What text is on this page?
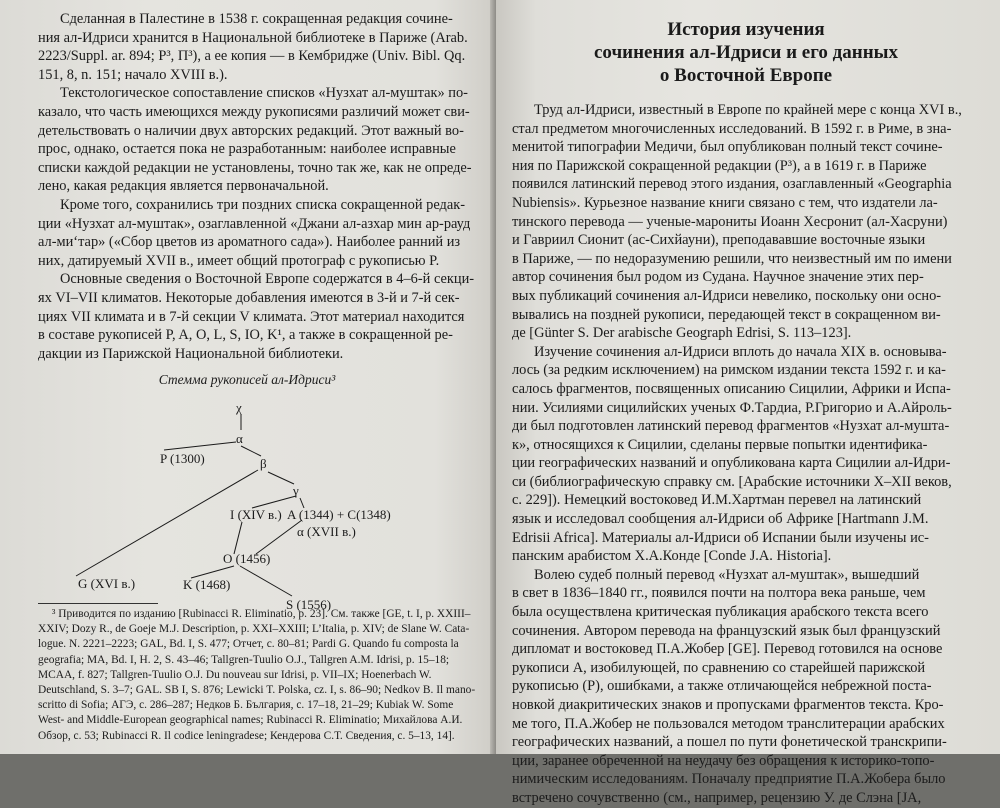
Сделанная в Палестине в 1538 г. сокращенная редакция сочине-
ния ал-Идриси хранится в Национальной библиотеке в Париже (Arab.
2223/Suppl. ar. 894; P³, П³), а ее копия — в Кембридже (Univ. Bibl. Qq.
151, 8, n. 151; начало XVIII в.).

Текстологическое сопоставление списков «Нузхат ал-муштак» по-
казало, что часть имеющихся между рукописями различий может сви-
детельствовать о наличии двух авторских редакций. Этот важный во-
прос, однако, остается пока не разработанным: наиболее исправные
списки каждой редакции не установлены, точно так же, как не опреде-
лено, какая редакция является первоначальной.

Кроме того, сохранились три поздних списка сокращенной редак-
ции «Нузхат ал-муштак», озаглавленной «Джани ал-азхар мин ар-рауд
ал-ми‘тар» («Сбор цветов из ароматного сада»). Наиболее ранний из
них, датируемый XVII в., имеет общий протограф с рукописью P.

Основные сведения о Восточной Европе содержатся в 4–6-й секци-
ях VI–VII климатов. Некоторые добавления имеются в 3-й и 7-й сек-
циях VII климата и в 7-й секции V климата. Этот материал находится
в составе рукописей P, A, O, L, S, IO, K¹, а также в сокращенной ре-
дакции из Парижской Национальной библиотеки.

Стемма рукописей ал-Идриси³
χ
α
P (1300)	β
γ
I (XIV в.) A (1344) + C(1348)
α (XVII в.)
O (1456)
G (XVI в.)	K (1468)
S (1556)
³ Приводится по изданию [Rubinacci R. Eliminatio, p. 23]. См. также [GE, t. I, p. XXIII–
XXIV; Dozy R., de Goeje M.J. Description, p. XXI–XXIII; L’Italia, p. XIV; de Slane W. Cata-
logue. N. 2221–2223; GAL, Bd. I, S. 477; Отчет, с. 80–81; Pardi G. Quando fu composta la
geografia; MA, Bd. I, H. 2, S. 43–46; Tallgren-Tuulio O.J., Tallgren A.M. Idrisi, p. 15–18;
MCAA, f. 827; Tallgren-Tuulio O.J. Du nouveau sur Idrisi, p. VII–IX; Hoenerbach W.
Deutschland, S. 3–7; GAL. SB I, S. 876; Lewicki T. Polska, cz. I, s. 86–90; Nedkov B. Il mano-
scritto di Sofia; АГЭ, с. 286–287; Недков Б. България, с. 17–18, 21–29; Kubiak W. Some
West- and Middle-European geographical names; Rubinacci R. Eliminatio; Михайлова А.И.
Обзор, с. 53; Rubinacci R. Il codice leningradese; Кендерова С.Т. Сведения, с. 5–13, 14].
История изучения
сочинения ал-Идриси и его данных
о Восточной Европе

Труд ал-Идриси, известный в Европе по крайней мере с конца XVI в.,
стал предметом многочисленных исследований. В 1592 г. в Риме, в зна-
менитой типографии Медичи, был опубликован полный текст сочине-
ния по Парижской сокращенной редакции (P³), а в 1619 г. в Париже
появился латинский перевод этого издания, озаглавленный «Geographia
Nubiensis». Курьезное название книги связано с тем, что издатели ла-
тинского перевода — ученые-марониты Иоанн Хесронит (ал-Хасруни)
и Гавриил Сионит (ас-Сихйауни), преподававшие восточные языки
в Париже, — по недоразумению решили, что неизвестный им по имени
автор сочинения был родом из Судана. Научное значение этих пер-
вых публикаций сочинения ал-Идриси невелико, поскольку они осно-
вывались на поздней рукописи, передающей текст в сокращенном ви-
де [Günter S. Der arabische Geograph Edrisi, S. 113–123].

Изучение сочинения ал-Идриси вплоть до начала XIX в. основыва-
лось (за редким исключением) на римском издании текста 1592 г. и ка-
салось фрагментов, посвященных описанию Сицилии, Африки и Испа-
нии. Усилиями сицилийских ученых Ф.Тардиа, Р.Григорио и А.Айроль-
ди был подготовлен латинский перевод фрагментов «Нузхат ал-мушта-
к», относящихся к Сицилии, сделаны первые попытки идентифика-
ции географических названий и опубликована карта Сицилии ал-Идри-
си (библиографическую справку см. [Арабские источники X–XII веков,
с. 229]). Немецкий востоковед И.М.Хартман перевел на латинский
язык и исследовал сообщения ал-Идриси об Африке [Hartmann J.M.
Edrisii Africa]. Материалы ал-Идриси об Испании были изучены ис-
панским арабистом Х.А.Конде [Conde J.A. Historia].

Волею судеб полный перевод «Нузхат ал-муштак», вышедший
в свет в 1836–1840 гг., появился почти на полтора века раньше, чем
была осуществлена критическая публикация арабского текста всего
сочинения. Автором перевода на французский язык был французский
дипломат и востоковед П.А.Жобер [GE]. Перевод готовился на основе
рукописи A, изобилующей, по сравнению со старейшей парижской
рукописью (P), ошибками, а также отличающейся небрежной поста-
новкой диакритических знаков и пропусками фрагментов текста. Кро-
ме того, П.А.Жобер не пользовался методом транслитерации арабских
географических названий, а пошел по пути фонетической транскрипи-
ции, заранее обреченной на неудачу без обращения к историко-топо-
нимическим исследованиям. Поначалу предприятие П.А.Жобера было
встречено сочувственно (см., например, рецензию У. де Слэна [JA,
